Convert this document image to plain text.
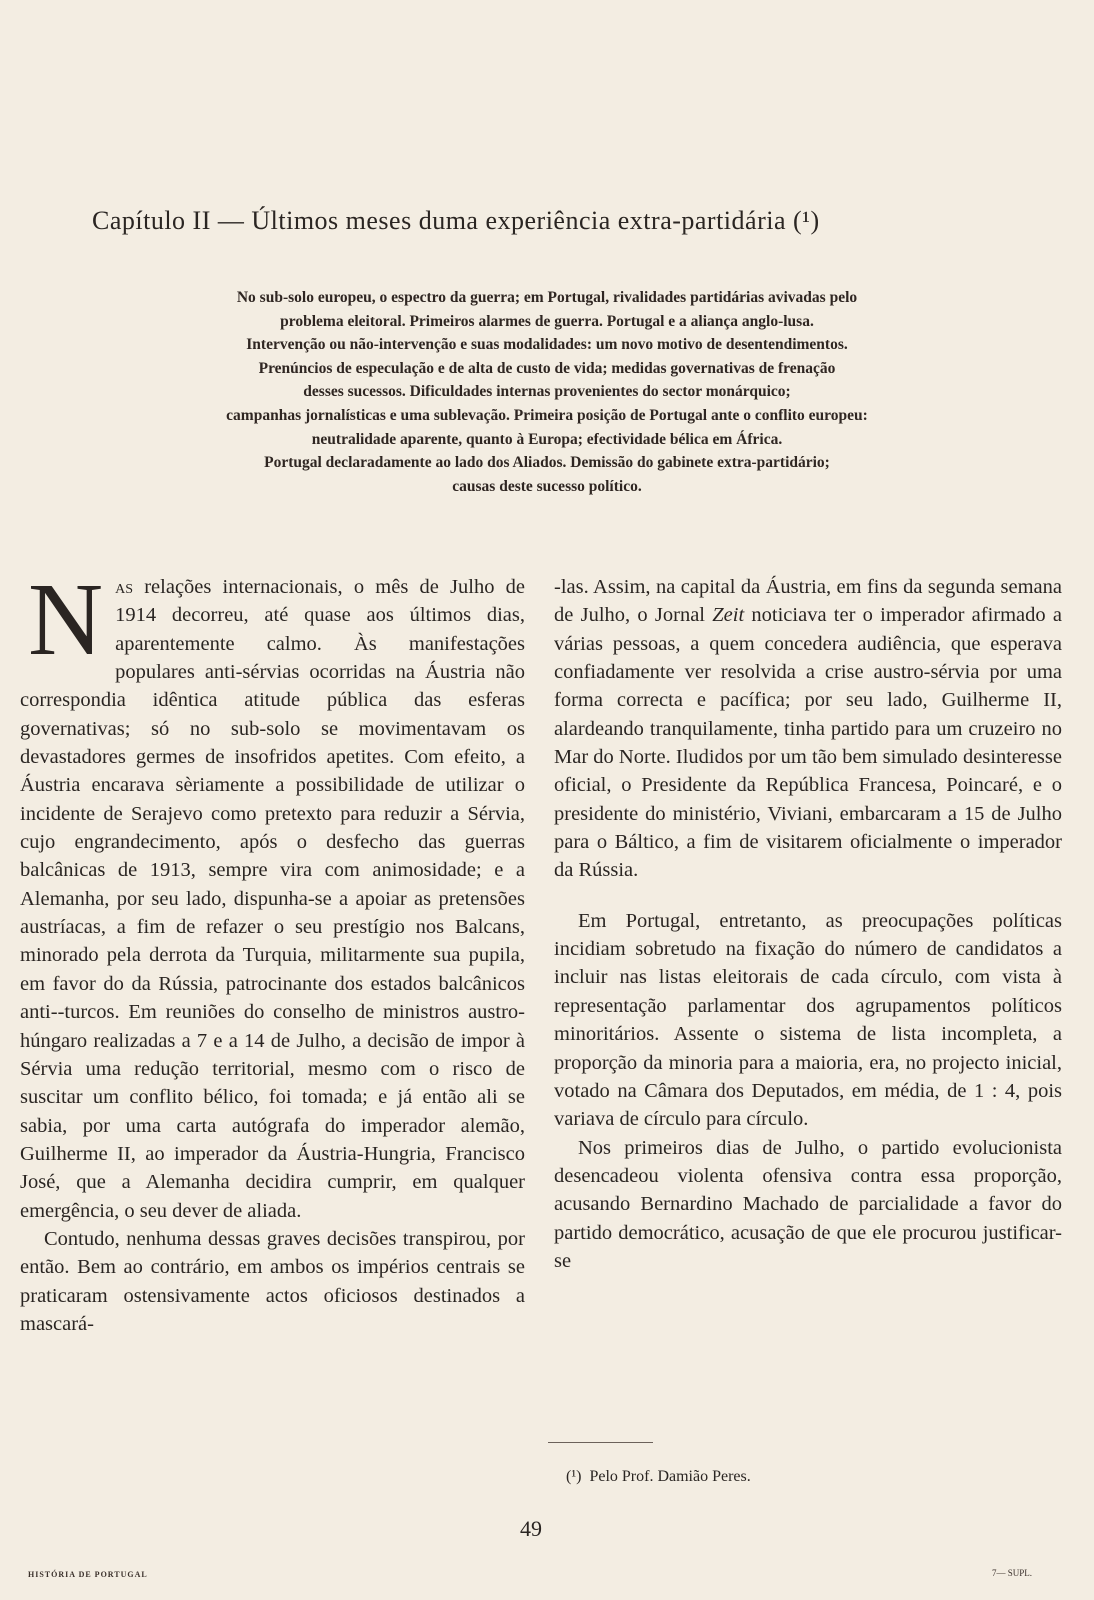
Capítulo II — Últimos meses duma experiência extra-partidária (¹)
No sub-solo europeu, o espectro da guerra; em Portugal, rivalidades partidárias avivadas pelo
problema eleitoral. Primeiros alarmes de guerra. Portugal e a aliança anglo-lusa.
Intervenção ou não-intervenção e suas modalidades: um novo motivo de desentendimentos.
Prenúncios de especulação e de alta de custo de vida; medidas governativas de frenação
desses sucessos. Dificuldades internas provenientes do sector monárquico;
campanhas jornalísticas e uma sublevação. Primeira posição de Portugal ante o conflito europeu:
neutralidade aparente, quanto à Europa; efectividade bélica em África.
Portugal declaradamente ao lado dos Aliados. Demissão do gabinete extra-partidário;
causas deste sucesso político.

Nas relações internacionais, o mês de Julho de 1914 decorreu, até quase aos últimos dias, aparentemente calmo. Às manifestações populares anti-sérvias ocorridas na Áustria não correspondia idêntica atitude pública das esferas governativas; só no sub-solo se movimentavam os devastadores germes de insofridos apetites. Com efeito, a Áustria encarava sèriamente a possibilidade de utilizar o incidente de Serajevo como pretexto para reduzir a Sérvia, cujo engrandecimento, após o desfecho das guerras balcânicas de 1913, sempre vira com animosidade; e a Alemanha, por seu lado, dispunha-se a apoiar as pretensões austríacas, a fim de refazer o seu prestígio nos Balcans, minorado pela derrota da Turquia, militarmente sua pupila, em favor do da Rússia, patrocinante dos estados balcânicos anti--turcos. Em reuniões do conselho de ministros austro-húngaro realizadas a 7 e a 14 de Julho, a decisão de impor à Sérvia uma redução territorial, mesmo com o risco de suscitar um conflito bélico, foi tomada; e já então ali se sabia, por uma carta autógrafa do imperador alemão, Guilherme II, ao imperador da Áustria-Hungria, Francisco José, que a Alemanha decidira cumprir, em qualquer emergência, o seu dever de aliada.

Contudo, nenhuma dessas graves decisões transpirou, por então. Bem ao contrário, em ambos os impérios centrais se praticaram ostensivamente actos oficiosos destinados a mascará-

-las. Assim, na capital da Áustria, em fins da segunda semana de Julho, o Jornal Zeit noticiava ter o imperador afirmado a várias pessoas, a quem concedera audiência, que esperava confiadamente ver resolvida a crise austro-sérvia por uma forma correcta e pacífica; por seu lado, Guilherme II, alardeando tranquilamente, tinha partido para um cruzeiro no Mar do Norte. Iludidos por um tão bem simulado desinteresse oficial, o Presidente da República Francesa, Poincaré, e o presidente do ministério, Viviani, embarcaram a 15 de Julho para o Báltico, a fim de visitarem oficialmente o imperador da Rússia.

Em Portugal, entretanto, as preocupações políticas incidiam sobretudo na fixação do número de candidatos a incluir nas listas eleitorais de cada círculo, com vista à representação parlamentar dos agrupamentos políticos minoritários. Assente o sistema de lista incompleta, a proporção da minoria para a maioria, era, no projecto inicial, votado na Câmara dos Deputados, em média, de 1 : 4, pois variava de círculo para círculo.

Nos primeiros dias de Julho, o partido evolucionista desencadeou violenta ofensiva contra essa proporção, acusando Bernardino Machado de parcialidade a favor do partido democrático, acusação de que ele procurou justificar-se

(¹) Pelo Prof. Damião Peres.
49
HISTÓRIA DE PORTUGAL	7— SUPL.
